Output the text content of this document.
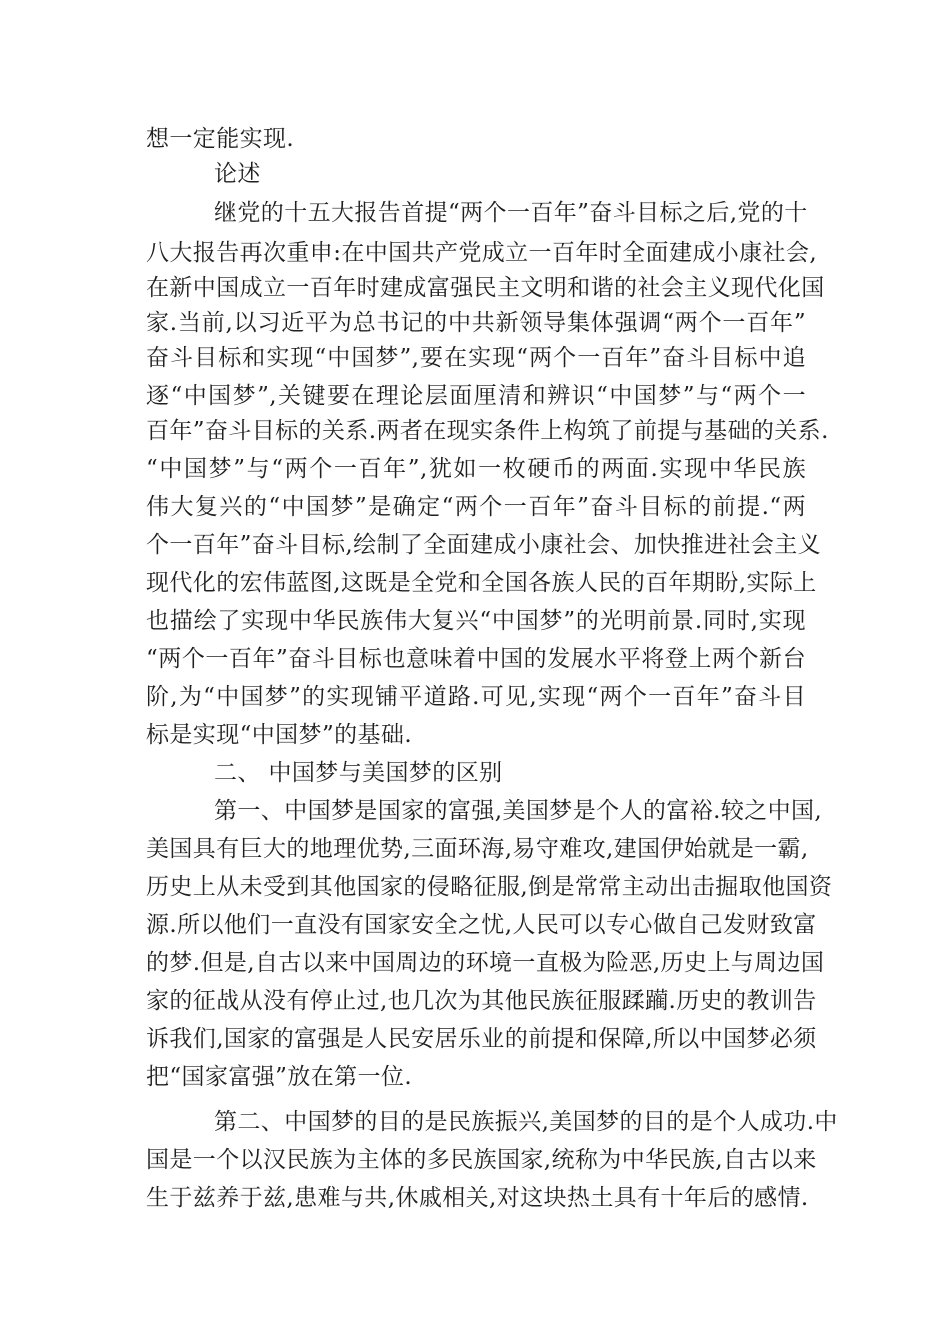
想一定能实现.
论述
继党的十五大报告首提“两个一百年”奋斗目标之后,党的十
八大报告再次重申:在中国共产党成立一百年时全面建成小康社会,
在新中国成立一百年时建成富强民主文明和谐的社会主义现代化国
家.当前,以习近平为总书记的中共新领导集体强调“两个一百年”
奋斗目标和实现“中国梦”,要在实现“两个一百年”奋斗目标中追
逐“中国梦”,关键要在理论层面厘清和辨识“中国梦”与“两个一
百年”奋斗目标的关系.两者在现实条件上构筑了前提与基础的关系.
“中国梦”与“两个一百年”,犹如一枚硬币的两面.实现中华民族
伟大复兴的“中国梦”是确定“两个一百年”奋斗目标的前提.“两
个一百年”奋斗目标,绘制了全面建成小康社会、加快推进社会主义
现代化的宏伟蓝图,这既是全党和全国各族人民的百年期盼,实际上
也描绘了实现中华民族伟大复兴“中国梦”的光明前景.同时,实现
“两个一百年”奋斗目标也意味着中国的发展水平将登上两个新台
阶,为“中国梦”的实现铺平道路.可见,实现“两个一百年”奋斗目
标是实现“中国梦”的基础.
二、 中国梦与美国梦的区别
第一、中国梦是国家的富强,美国梦是个人的富裕.较之中国,
美国具有巨大的地理优势,三面环海,易守难攻,建国伊始就是一霸,
历史上从未受到其他国家的侵略征服,倒是常常主动出击掘取他国资
源.所以他们一直没有国家安全之忧,人民可以专心做自己发财致富
的梦.但是,自古以来中国周边的环境一直极为险恶,历史上与周边国
家的征战从没有停止过,也几次为其他民族征服蹂躏.历史的教训告
诉我们,国家的富强是人民安居乐业的前提和保障,所以中国梦必须
把“国家富强”放在第一位.
第二、中国梦的目的是民族振兴,美国梦的目的是个人成功.中
国是一个以汉民族为主体的多民族国家,统称为中华民族,自古以来
生于兹养于兹,患难与共,休戚相关,对这块热土具有十年后的感情.
